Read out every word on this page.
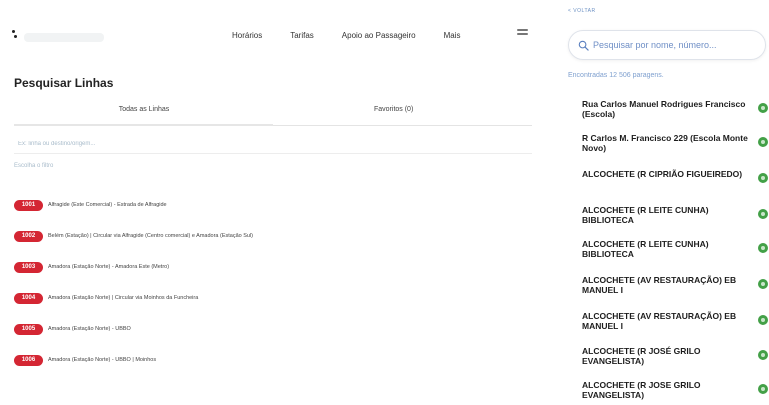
Horários	Tarifas	Apoio ao Passageiro	Mais
Pesquisar Linhas
Todas as Linhas	Favoritos (0)
Ex: linha ou destino/origem...
Escolha o filtro
1001	Alfragide (Este Comercial) - Estrada de Alfragide
1002	Belém (Estação) | Circular via Alfragide (Centro comercial) e Amadora (Estação Sul)
1003	Amadora (Estação Norte) - Amadora Este (Metro)
1004	Amadora (Estação Norte) | Circular via Moinhos da Funcheira
1005	Amadora (Estação Norte) - UBBO
1006	Amadora (Estação Norte) - UBBO | Moinhos
< VOLTAR
Pesquisar por nome, número...
Encontradas 12 506 paragens.
Rua Carlos Manuel Rodrigues Francisco (Escola)
R Carlos M. Francisco 229 (Escola Monte Novo)
ALCOCHETE (R CIPRIÃO FIGUEIREDO)
ALCOCHETE (R LEITE CUNHA) BIBLIOTECA
ALCOCHETE (R LEITE CUNHA) BIBLIOTECA
ALCOCHETE (AV RESTAURAÇÃO) EB MANUEL I
ALCOCHETE (AV RESTAURAÇÃO) EB MANUEL I
ALCOCHETE (R JOSÉ GRILO EVANGELISTA)
ALCOCHETE (R JOSE GRILO EVANGELISTA)
